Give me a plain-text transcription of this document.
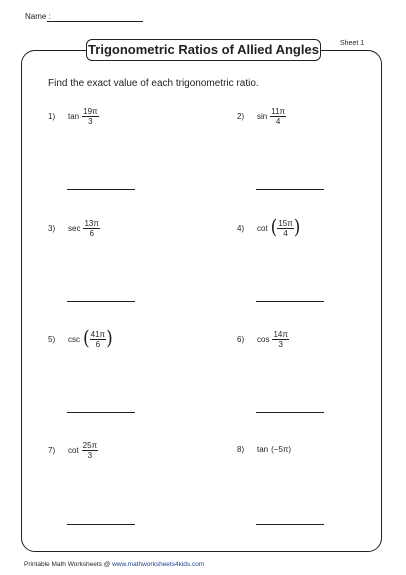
Name :
Sheet 1
Trigonometric Ratios of Allied Angles
Find the exact value of each trigonometric ratio.
1)	$\tan \frac{19\pi}{3}$	2)	$\sin \frac{11\pi}{4}$
3)	$\sec \frac{13\pi}{6}$	4)	cot ( $\frac{15\pi}{4}$ )
5)	csc ( $\frac{41\pi}{6}$ )	6)	$\cos \frac{14\pi}{3}$
7)	$\cot \frac{25\pi}{3}$	8)	tan (−5π)
Printable Math Worksheets @ www.mathworksheets4kids.com
